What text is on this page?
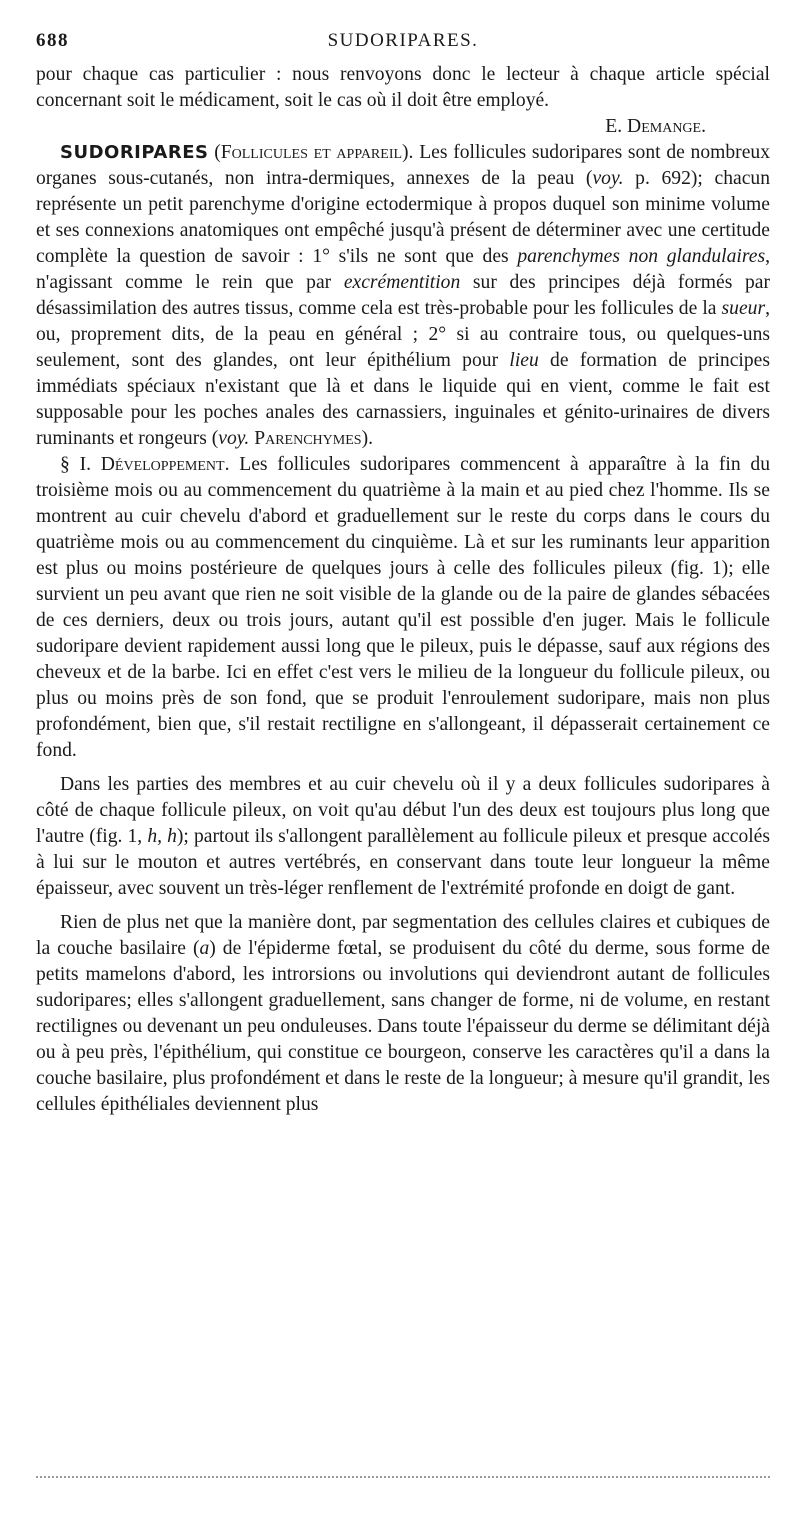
688	SUDORIPARES.

pour chaque cas particulier : nous renvoyons donc le lecteur à chaque article spécial concernant soit le médicament, soit le cas où il doit être employé.

E. Demange.

SUDORIPARES (Follicules et appareil). Les follicules sudoripares sont de nombreux organes sous-cutanés, non intra-dermiques, annexes de la peau (voy. p. 692); chacun représente un petit parenchyme d'origine ectodermique à propos duquel son minime volume et ses connexions anatomiques ont empêché jusqu'à présent de déterminer avec une certitude complète la question de savoir : 1° s'ils ne sont que des parenchymes non glandulaires, n'agissant comme le rein que par excrémentition sur des principes déjà formés par désassimilation des autres tissus, comme cela est très-probable pour les follicules de la sueur, ou, proprement dits, de la peau en général ; 2° si au contraire tous, ou quelques-uns seulement, sont des glandes, ont leur épithélium pour lieu de formation de principes immédiats spéciaux n'existant que là et dans le liquide qui en vient, comme le fait est supposable pour les poches anales des carnassiers, inguinales et génito-urinaires de divers ruminants et rongeurs (voy. Parenchymes).

§ I. Développement. Les follicules sudoripares commencent à apparaître à la fin du troisième mois ou au commencement du quatrième à la main et au pied chez l'homme. Ils se montrent au cuir chevelu d'abord et graduellement sur le reste du corps dans le cours du quatrième mois ou au commencement du cinquième. Là et sur les ruminants leur apparition est plus ou moins postérieure de quelques jours à celle des follicules pileux (fig. 1); elle survient un peu avant que rien ne soit visible de la glande ou de la paire de glandes sébacées de ces derniers, deux ou trois jours, autant qu'il est possible d'en juger. Mais le follicule sudoripare devient rapidement aussi long que le pileux, puis le dépasse, sauf aux régions des cheveux et de la barbe. Ici en effet c'est vers le milieu de la longueur du follicule pileux, ou plus ou moins près de son fond, que se produit l'enroulement sudoripare, mais non plus profondément, bien que, s'il restait rectiligne en s'allongeant, il dépasserait certainement ce fond.

Dans les parties des membres et au cuir chevelu où il y a deux follicules sudoripares à côté de chaque follicule pileux, on voit qu'au début l'un des deux est toujours plus long que l'autre (fig. 1, h, h); partout ils s'allongent parallèlement au follicule pileux et presque accolés à lui sur le mouton et autres vertébrés, en conservant dans toute leur longueur la même épaisseur, avec souvent un très-léger renflement de l'extrémité profonde en doigt de gant.

Rien de plus net que la manière dont, par segmentation des cellules claires et cubiques de la couche basilaire (a) de l'épiderme fœtal, se produisent du côté du derme, sous forme de petits mamelons d'abord, les introrsions ou involutions qui deviendront autant de follicules sudoripares; elles s'allongent graduellement, sans changer de forme, ni de volume, en restant rectilignes ou devenant un peu onduleuses. Dans toute l'épaisseur du derme se délimitant déjà ou à peu près, l'épithélium, qui constitue ce bourgeon, conserve les caractères qu'il a dans la couche basilaire, plus profondément et dans le reste de la longueur; à mesure qu'il grandit, les cellules épithéliales deviennent plus
